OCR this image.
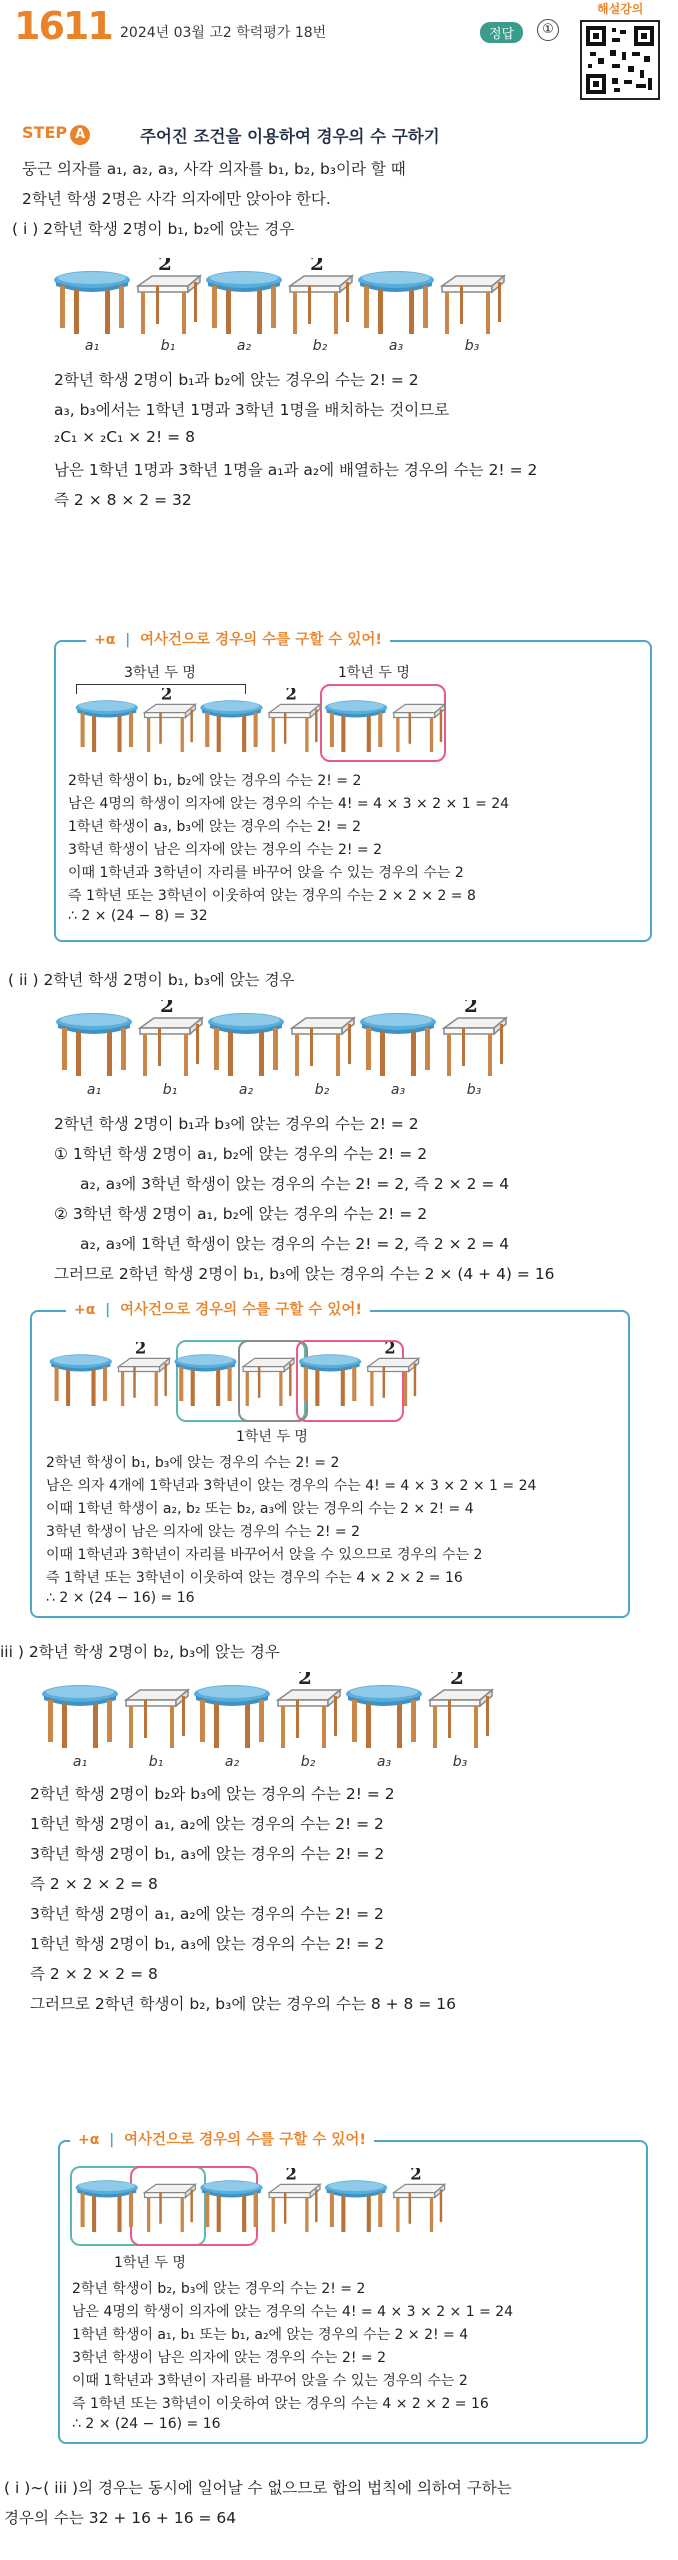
1611 2024년 03월 고2 학력평가 18번	정답	①
해설강의
STEP A	주어진 조건을 이용하여 경우의 수 구하기
둥근 의자를 a₁, a₂, a₃, 사각 의자를 b₁, b₂, b₃이라 할 때
2학년 학생 2명은 사각 의자에만 앉아야 한다.
( i ) 2학년 학생 2명이 b₁, b₂에 앉는 경우
2	2
a₁	b₁	a₂	b₂	a₃	b₃
2학년 학생 2명이 b₁과 b₂에 앉는 경우의 수는 2! = 2
a₃, b₃에서는 1학년 1명과 3학년 1명을 배치하는 것이므로
₂C₁ × ₂C₁ × 2! = 8
남은 1학년 1명과 3학년 1명을 a₁과 a₂에 배열하는 경우의 수는 2! = 2
즉 2 × 8 × 2 = 32
+α | 여사건으로 경우의 수를 구할 수 있어!
3학년 두 명	1학년 두 명
2	2
2학년 학생이 b₁, b₂에 앉는 경우의 수는 2! = 2
남은 4명의 학생이 의자에 앉는 경우의 수는 4! = 4 × 3 × 2 × 1 = 24
1학년 학생이 a₃, b₃에 앉는 경우의 수는 2! = 2
3학년 학생이 남은 의자에 앉는 경우의 수는 2! = 2
이때 1학년과 3학년이 자리를 바꾸어 앉을 수 있는 경우의 수는 2
즉 1학년 또는 3학년이 이웃하여 앉는 경우의 수는 2 × 2 × 2 = 8
∴ 2 × (24 − 8) = 32
( ii ) 2학년 학생 2명이 b₁, b₃에 앉는 경우
2	2
a₁	b₁	a₂	b₂	a₃	b₃
2학년 학생 2명이 b₁과 b₃에 앉는 경우의 수는 2! = 2
① 1학년 학생 2명이 a₁, b₂에 앉는 경우의 수는 2! = 2
a₂, a₃에 3학년 학생이 앉는 경우의 수는 2! = 2, 즉 2 × 2 = 4
② 3학년 학생 2명이 a₁, b₂에 앉는 경우의 수는 2! = 2
a₂, a₃에 1학년 학생이 앉는 경우의 수는 2! = 2, 즉 2 × 2 = 4
그러므로 2학년 학생 2명이 b₁, b₃에 앉는 경우의 수는 2 × (4 + 4) = 16
+α | 여사건으로 경우의 수를 구할 수 있어!
2	2
1학년 두 명
2학년 학생이 b₁, b₃에 앉는 경우의 수는 2! = 2
남은 의자 4개에 1학년과 3학년이 앉는 경우의 수는 4! = 4 × 3 × 2 × 1 = 24
이때 1학년 학생이 a₂, b₂ 또는 b₂, a₃에 앉는 경우의 수는 2 × 2! = 4
3학년 학생이 남은 의자에 앉는 경우의 수는 2! = 2
이때 1학년과 3학년이 자리를 바꾸어서 앉을 수 있으므로 경우의 수는 2
즉 1학년 또는 3학년이 이웃하여 앉는 경우의 수는 4 × 2 × 2 = 16
∴ 2 × (24 − 16) = 16
iii ) 2학년 학생 2명이 b₂, b₃에 앉는 경우
2	2
a₁	b₁	a₂	b₂	a₃	b₃
2학년 학생 2명이 b₂와 b₃에 앉는 경우의 수는 2! = 2
1학년 학생 2명이 a₁, a₂에 앉는 경우의 수는 2! = 2
3학년 학생 2명이 b₁, a₃에 앉는 경우의 수는 2! = 2
즉 2 × 2 × 2 = 8
3학년 학생 2명이 a₁, a₂에 앉는 경우의 수는 2! = 2
1학년 학생 2명이 b₁, a₃에 앉는 경우의 수는 2! = 2
즉 2 × 2 × 2 = 8
그러므로 2학년 학생이 b₂, b₃에 앉는 경우의 수는 8 + 8 = 16
+α | 여사건으로 경우의 수를 구할 수 있어!
2	2
1학년 두 명
2학년 학생이 b₂, b₃에 앉는 경우의 수는 2! = 2
남은 4명의 학생이 의자에 앉는 경우의 수는 4! = 4 × 3 × 2 × 1 = 24
1학년 학생이 a₁, b₁ 또는 b₁, a₂에 앉는 경우의 수는 2 × 2! = 4
3학년 학생이 남은 의자에 앉는 경우의 수는 2! = 2
이때 1학년과 3학년이 자리를 바꾸어 앉을 수 있는 경우의 수는 2
즉 1학년 또는 3학년이 이웃하여 앉는 경우의 수는 4 × 2 × 2 = 16
∴ 2 × (24 − 16) = 16
( i )∼( iii )의 경우는 동시에 일어날 수 없으므로 합의 법칙에 의하여 구하는
경우의 수는 32 + 16 + 16 = 64
